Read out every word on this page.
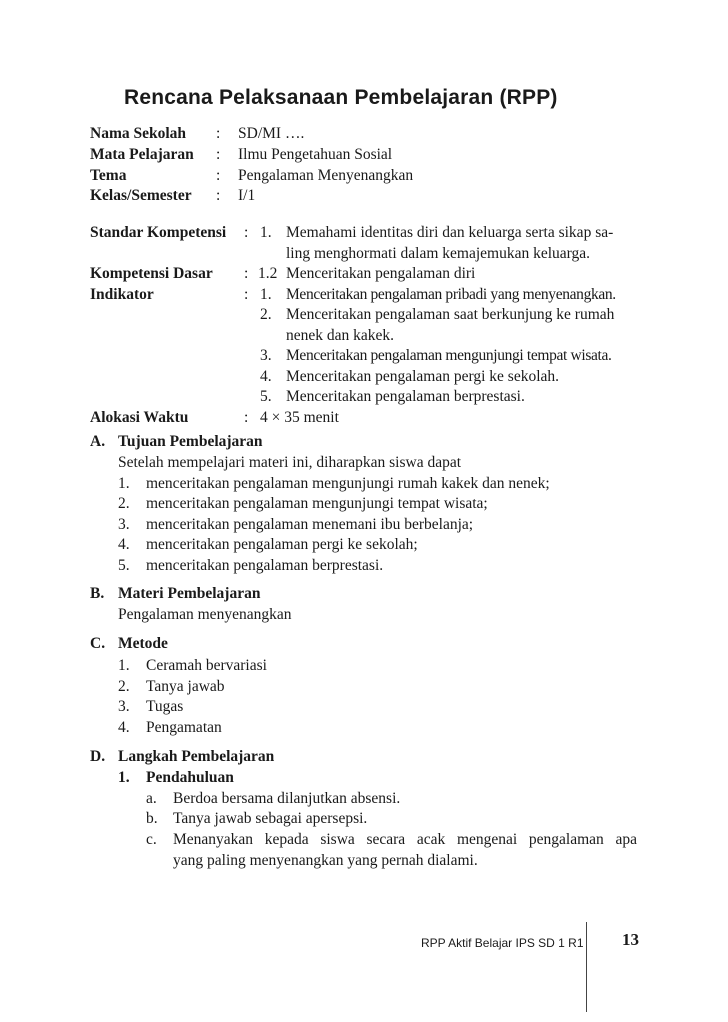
Rencana Pelaksanaan Pembelajaran (RPP)
Nama Sekolah : SD/MI ….
Mata Pelajaran : Ilmu Pengetahuan Sosial
Tema	: Pengalaman Menyenangkan
Kelas/Semester : I/1
Standar Kompetensi : 1. Memahami identitas diri dan keluarga serta sikap sa-
ling menghormati dalam kemajemukan keluarga.
Kompetensi Dasar : 1.2 Menceritakan pengalaman diri
Indikator	: 1. Menceritakan pengalaman pribadi yang menyenangkan.
2. Menceritakan pengalaman saat berkunjung ke rumah
nenek dan kakek.
3. Menceritakan pengalaman mengunjungi tempat wisata.
4. Menceritakan pengalaman pergi ke sekolah.
5. Menceritakan pengalaman berprestasi.
Alokasi Waktu	: 4 × 35 menit
A. Tujuan Pembelajaran
Setelah mempelajari materi ini, diharapkan siswa dapat
1. menceritakan pengalaman mengunjungi rumah kakek dan nenek;
2. menceritakan pengalaman mengunjungi tempat wisata;
3. menceritakan pengalaman menemani ibu berbelanja;
4. menceritakan pengalaman pergi ke sekolah;
5. menceritakan pengalaman berprestasi.
B. Materi Pembelajaran
Pengalaman menyenangkan
C. Metode
1. Ceramah bervariasi
2. Tanya jawab
3. Tugas
4. Pengamatan
D. Langkah Pembelajaran
1. Pendahuluan
a. Berdoa bersama dilanjutkan absensi.
b. Tanya jawab sebagai apersepsi.
c. Menanyakan kepada siswa secara acak mengenai pengalaman apa
yang paling menyenangkan yang pernah dialami.
RPP Aktif Belajar IPS SD 1 R1 13
